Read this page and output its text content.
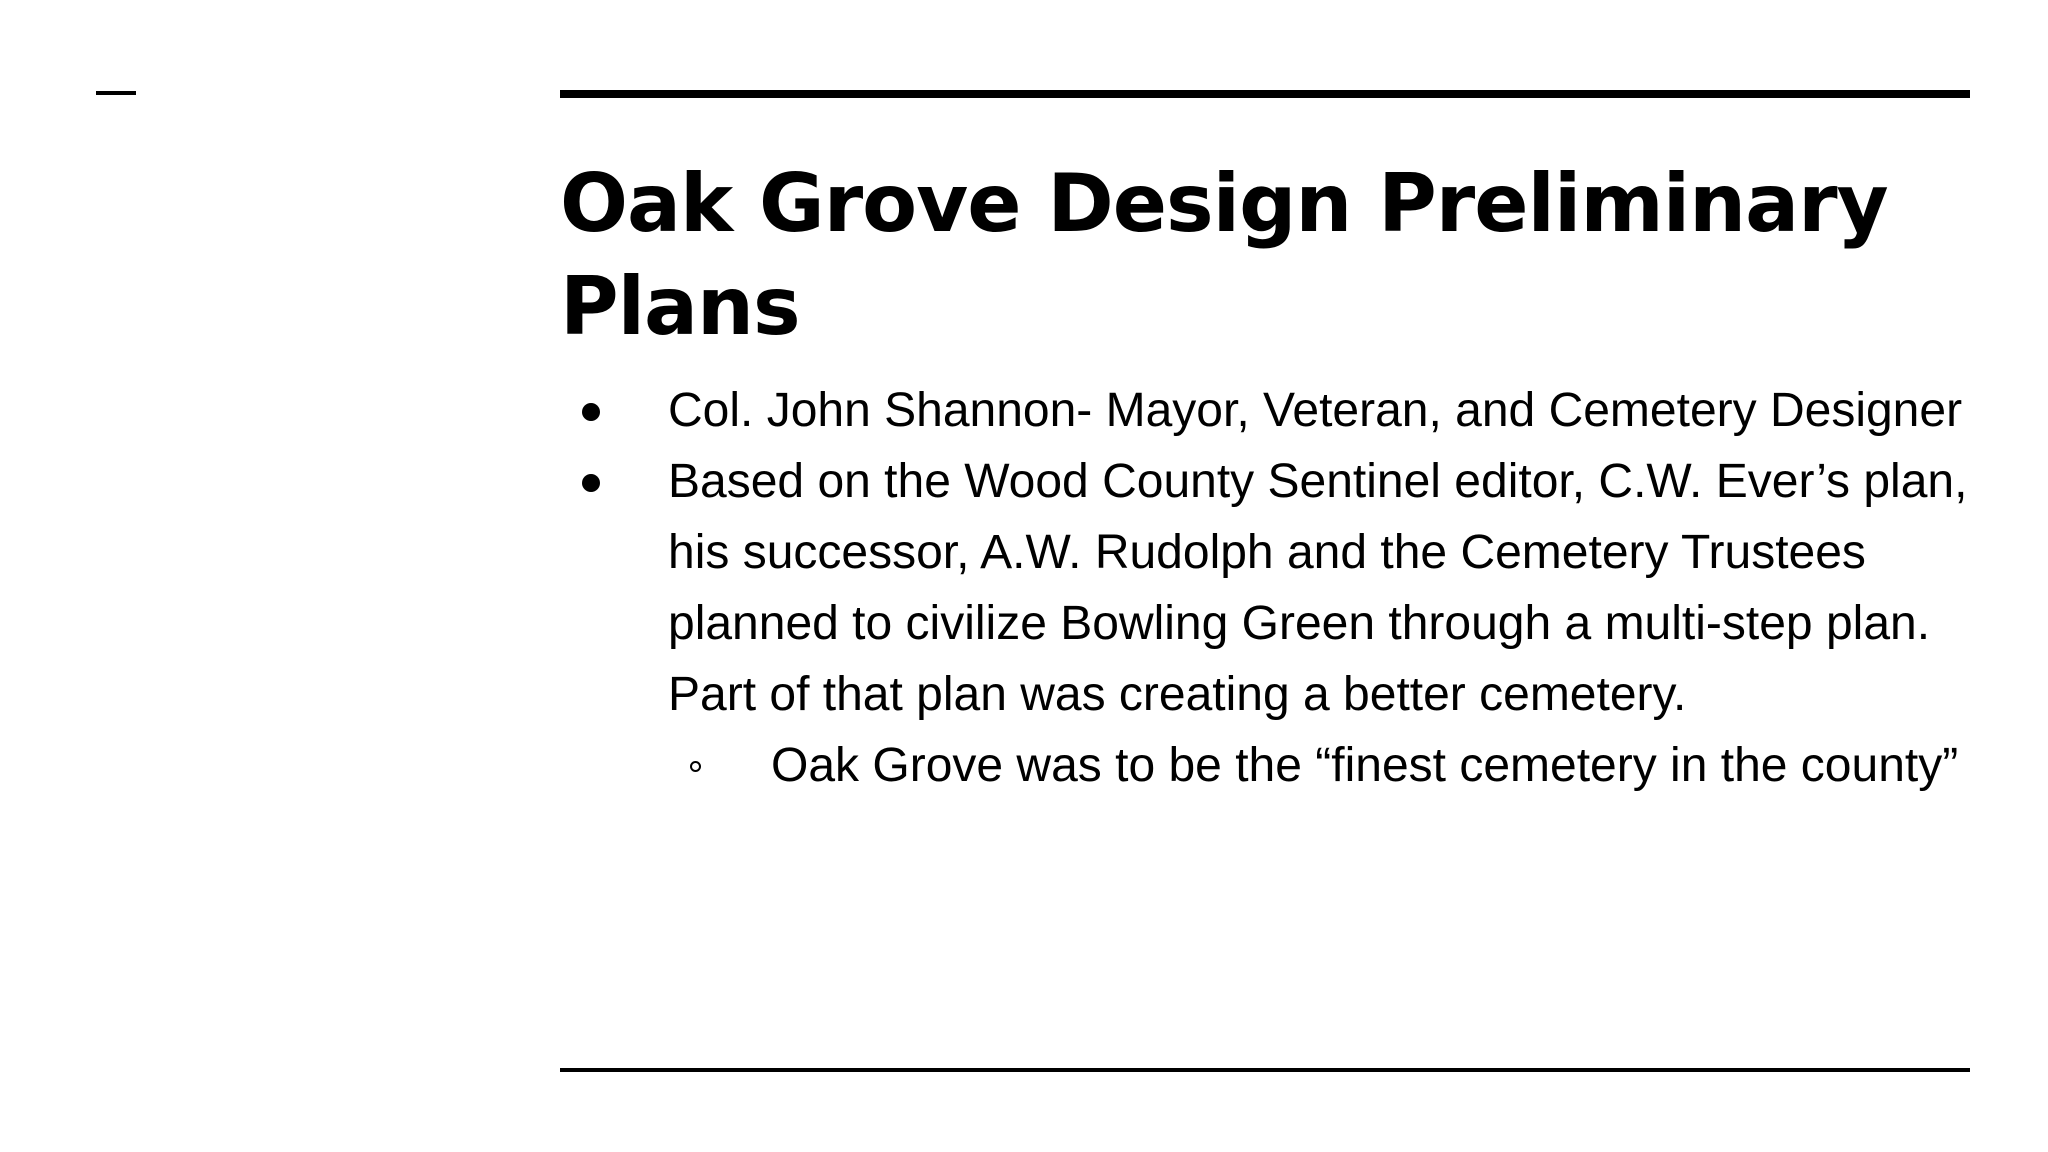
Oak Grove Design Preliminary Plans
Col. John Shannon- Mayor, Veteran, and Cemetery Designer
Based on the Wood County Sentinel editor, C.W. Ever’s plan, his successor, A.W. Rudolph and the Cemetery Trustees planned to civilize Bowling Green through a multi-step plan. Part of that plan was creating a better cemetery.
Oak Grove was to be the “finest cemetery in the county”
